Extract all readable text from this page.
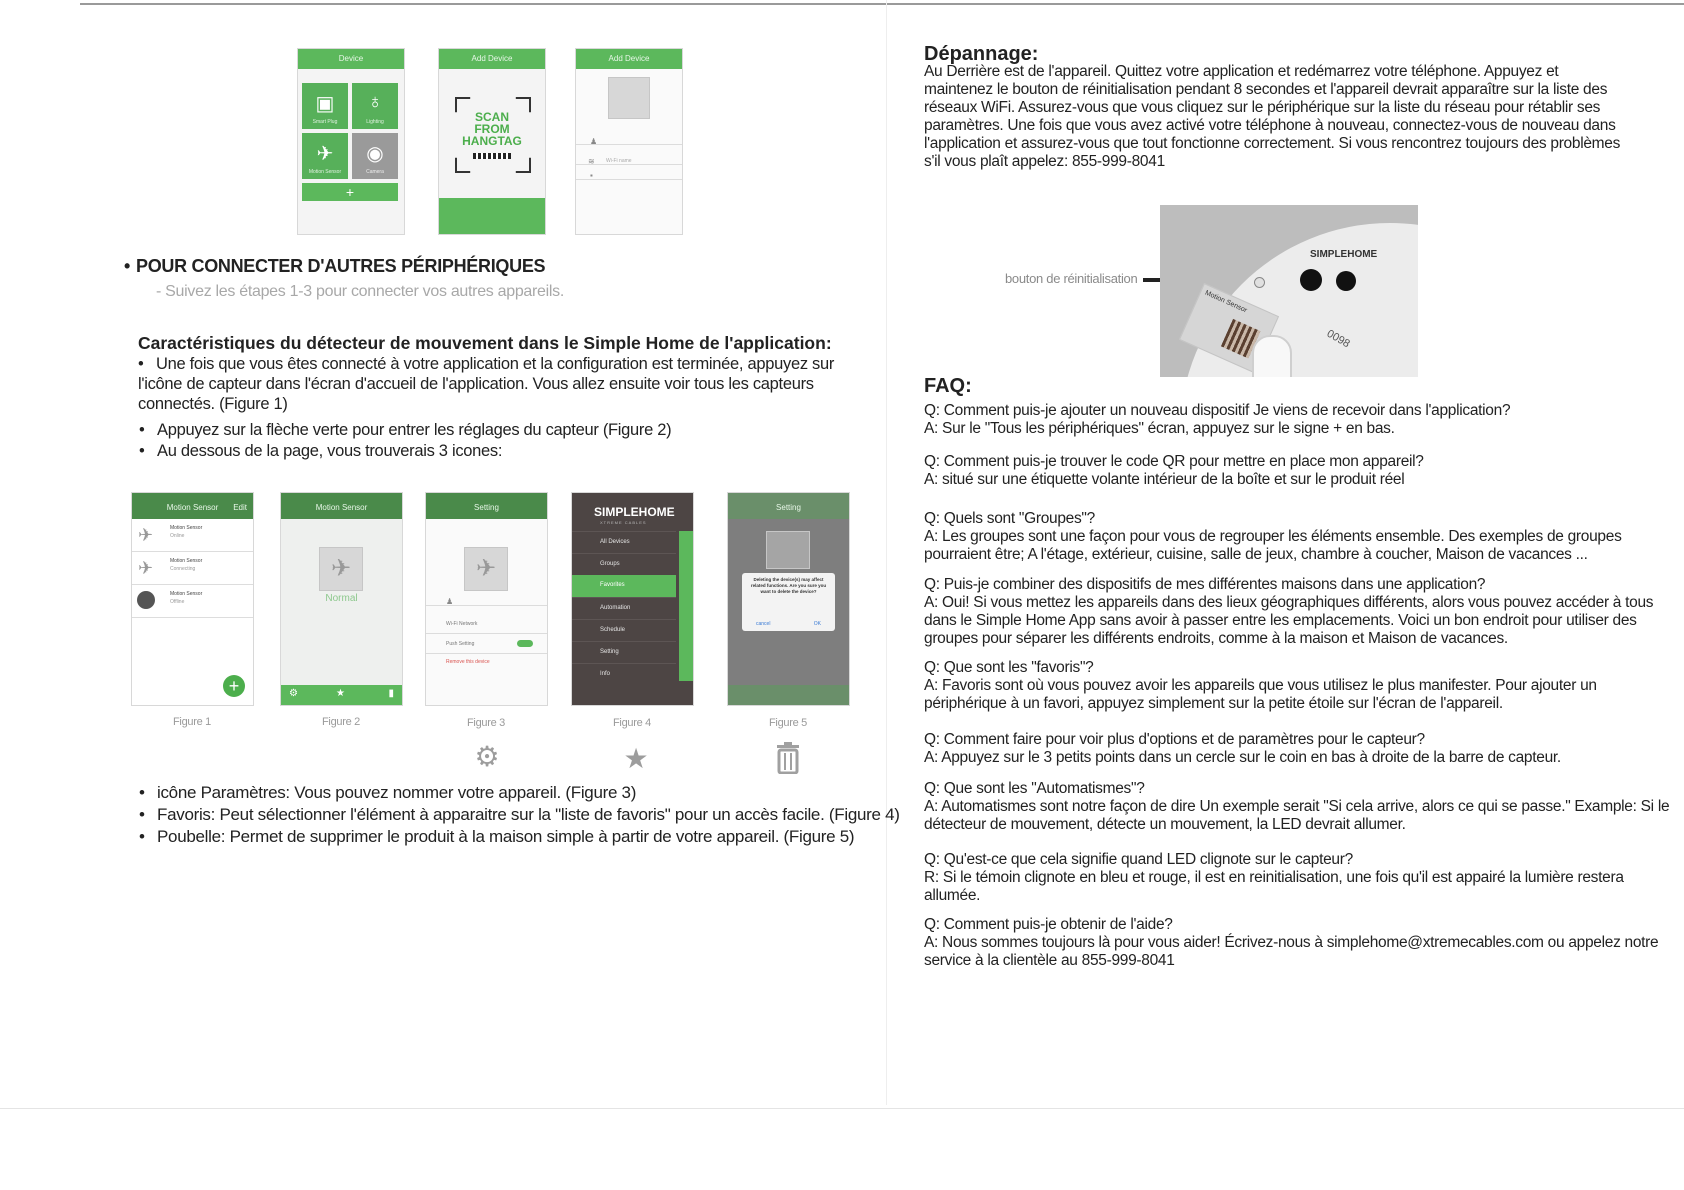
Device
▣
Smart Plug
♁
Lighting
✈
Motion Sensor
◉
Camera
+
Add Device
SCAN
FROM
HANGTAG
Add Device
♟
≋ Wi-Fi name
▪
• POUR CONNECTER D'AUTRES PÉRIPHÉRIQUES
- Suivez les étapes 1-3 pour connecter vos autres appareils.
Caractéristiques du détecteur de mouvement dans le Simple Home de l'application:
• Une fois que vous êtes connecté à votre application et la configuration est terminée, appuyez sur l'icône de capteur dans l'écran d'accueil de l'application. Vous allez ensuite voir tous les capteurs connectés. (Figure 1)
• Appuyez sur la flèche verte pour entrer les réglages du capteur (Figure 2)
• Au dessous de la page, vous trouverais 3 icones:
Motion Sensor Edit
✈	Motion Sensor
Online
✈	Motion Sensor
Connecting
Motion Sensor
Offline
+
Motion Sensor
✈
Normal
⚙	★	▮
Setting
✈
♟
Wi-Fi Network
Push Setting
Remove this device
SIMPLEHOME
XTREME CABLES
All Devices
Groups
Favorites
Automation
Schedule
Setting
Info
Setting
Deleting the device(s) may affect related functions. Are you sure you want to delete the device?
cancel	OK
Figure 1	Figure 2	Figure 3	Figure 4	Figure 5
⚙	★
• icône Paramètres: Vous pouvez nommer votre appareil. (Figure 3)
• Favoris: Peut sélectionner l'élément à apparaitre sur la "liste de favoris" pour un accès facile. (Figure 4)
• Poubelle: Permet de supprimer le produit à la maison simple à partir de votre appareil. (Figure 5)
Dépannage:
Au Derrière est de l'appareil. Quittez votre application et redémarrez votre téléphone. Appuyez et
maintenez le bouton de réinitialisation pendant 8 secondes et l'appareil devrait apparaître sur la liste des
réseaux WiFi. Assurez-vous que vous cliquez sur le périphérique sur la liste du réseau pour rétablir ses
paramètres. Une fois que vous avez activé votre téléphone à nouveau, connectez-vous de nouveau dans
l'application et assurez-vous que tout fonctionne correctement. Si vous rencontrez toujours des problèmes
s'il vous plaît appelez: 855-999-8041
bouton de réinitialisation
SIMPLEHOME
Motion Sensor
0098
FAQ:
Q: Comment puis-je ajouter un nouveau dispositif Je viens de recevoir dans l'application?
A: Sur le "Tous les périphériques" écran, appuyez sur le signe + en bas.
Q: Comment puis-je trouver le code QR pour mettre en place mon appareil?
A: situé sur une étiquette volante intérieur de la boîte et sur le produit réel
Q: Quels sont "Groupes"?
A: Les groupes sont une façon pour vous de regrouper les éléments ensemble. Des exemples de groupes
pourraient être; A l'étage, extérieur, cuisine, salle de jeux, chambre à coucher, Maison de vacances ...
Q: Puis-je combiner des dispositifs de mes différentes maisons dans une application?
A: Oui! Si vous mettez les appareils dans des lieux géographiques différents, alors vous pouvez accéder à tous
dans le Simple Home App sans avoir à passer entre les emplacements. Voici un bon endroit pour utiliser des
groupes pour séparer les différents endroits, comme à la maison et Maison de vacances.
Q: Que sont les "favoris"?
A: Favoris sont où vous pouvez avoir les appareils que vous utilisez le plus manifester. Pour ajouter un
périphérique à un favori, appuyez simplement sur la petite étoile sur l'écran de l'appareil.
Q: Comment faire pour voir plus d'options et de paramètres pour le capteur?
A: Appuyez sur le 3 petits points dans un cercle sur le coin en bas à droite de la barre de capteur.
Q: Que sont les "Automatismes"?
A: Automatismes sont notre façon de dire Un exemple serait "Si cela arrive, alors ce qui se passe." Example: Si le
détecteur de mouvement, détecte un mouvement, la LED devrait allumer.
Q: Qu'est-ce que cela signifie quand LED clignote sur le capteur?
R: Si le témoin clignote en bleu et rouge, il est en reinitialisation, une fois qu'il est appairé la lumière restera
allumée.
Q: Comment puis-je obtenir de l'aide?
A: Nous sommes toujours là pour vous aider! Écrivez-nous à simplehome@xtremecables.com ou appelez notre
service à la clientèle au 855-999-8041
